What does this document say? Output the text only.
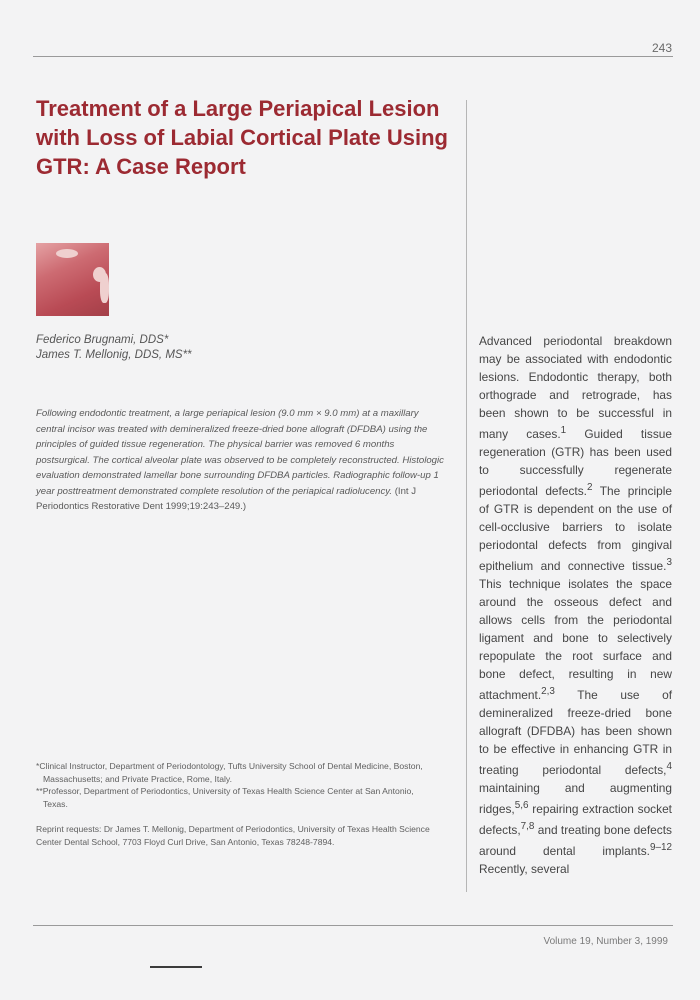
243
Treatment of a Large Periapical Lesion with Loss of Labial Cortical Plate Using GTR: A Case Report
Federico Brugnami, DDS*
James T. Mellonig, DDS, MS**

Following endodontic treatment, a large periapical lesion (9.0 mm × 9.0 mm) at a maxillary central incisor was treated with demineralized freeze-dried bone allograft (DFDBA) using the principles of guided tissue regeneration. The physical barrier was removed 6 months postsurgical. The cortical alveolar plate was observed to be completely reconstructed. Histologic evaluation demonstrated lamellar bone surrounding DFDBA particles. Radiographic follow-up 1 year posttreatment demonstrated complete resolution of the periapical radiolucency. (Int J Periodontics Restorative Dent 1999;19:243–249.)

*Clinical Instructor, Department of Periodontology, Tufts University School of Dental Medicine, Boston, Massachusetts; and Private Practice, Rome, Italy.

**Professor, Department of Periodontics, University of Texas Health Science Center at San Antonio, Texas.

Reprint requests: Dr James T. Mellonig, Department of Periodontics, University of Texas Health Science Center Dental School, 7703 Floyd Curl Drive, San Antonio, Texas 78248-7894.

Advanced periodontal breakdown may be associated with endodontic lesions. Endodontic therapy, both orthograde and retrograde, has been shown to be successful in many cases.$^1$ Guided tissue regeneration (GTR) has been used to successfully regenerate periodontal defects.$^2$ The principle of GTR is dependent on the use of cell-occlusive barriers to isolate periodontal defects from gingival epithelium and connective tissue.$^3$ This technique isolates the space around the osseous defect and allows cells from the periodontal ligament and bone to selectively repopulate the root surface and bone defect, resulting in new attachment.$^{2,3}$ The use of demineralized freeze-dried bone allograft (DFDBA) has been shown to be effective in enhancing GTR in treating periodontal defects,$^4$ maintaining and augmenting ridges,$^{5,6}$ repairing extraction socket defects,$^{7,8}$ and treating bone defects around dental implants.$^{9-12}$ Recently, several

Volume 19, Number 3, 1999
